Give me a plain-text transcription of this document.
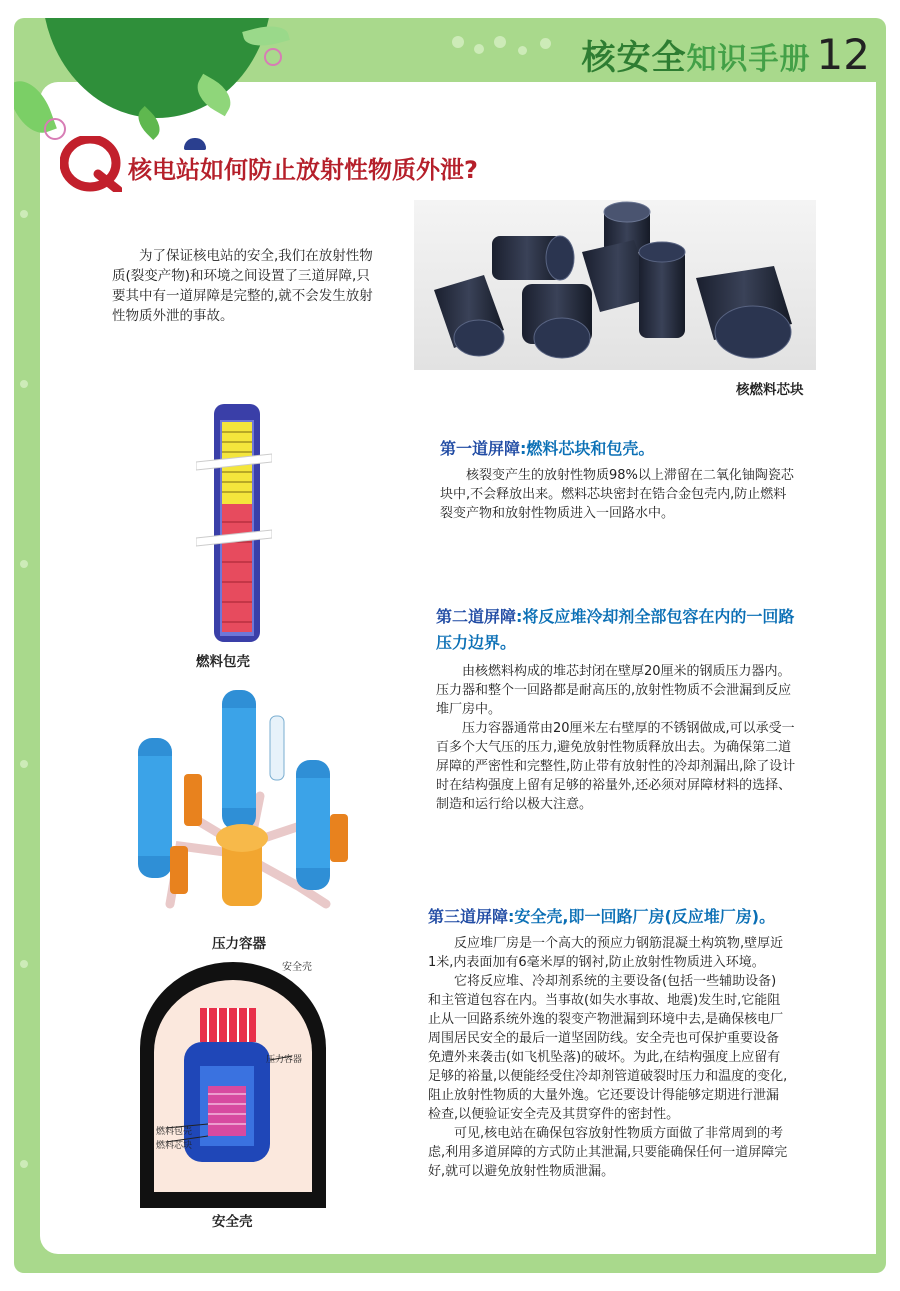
核安全知识手册 12
核电站如何防止放射性物质外泄?
为了保证核电站的安全,我们在放射性物质(裂变产物)和环境之间设置了三道屏障,只要其中有一道屏障是完整的,就不会发生放射性物质外泄的事故。
核燃料芯块
燃料包壳
压力容器
安全壳
压力容器
燃料包壳
燃料芯块
安全壳
第一道屏障:燃料芯块和包壳。

核裂变产生的放射性物质98%以上滞留在二氧化铀陶瓷芯块中,不会释放出来。燃料芯块密封在锆合金包壳内,防止燃料裂变产物和放射性物质进入一回路水中。

第二道屏障:将反应堆冷却剂全部包容在内的一回路压力边界。

由核燃料构成的堆芯封闭在壁厚20厘米的钢质压力器内。压力器和整个一回路都是耐高压的,放射性物质不会泄漏到反应堆厂房中。

压力容器通常由20厘米左右壁厚的不锈钢做成,可以承受一百多个大气压的压力,避免放射性物质释放出去。为确保第二道屏障的严密性和完整性,防止带有放射性的冷却剂漏出,除了设计时在结构强度上留有足够的裕量外,还必须对屏障材料的选择、制造和运行给以极大注意。

第三道屏障:安全壳,即一回路厂房(反应堆厂房)。

反应堆厂房是一个高大的预应力钢筋混凝土构筑物,壁厚近1米,内表面加有6毫米厚的钢衬,防止放射性物质进入环境。

它将反应堆、冷却剂系统的主要设备(包括一些辅助设备)和主管道包容在内。当事故(如失水事故、地震)发生时,它能阻止从一回路系统外逸的裂变产物泄漏到环境中去,是确保核电厂周围居民安全的最后一道坚固防线。安全壳也可保护重要设备免遭外来袭击(如飞机坠落)的破坏。为此,在结构强度上应留有足够的裕量,以便能经受住冷却剂管道破裂时压力和温度的变化,阻止放射性物质的大量外逸。它还要设计得能够定期进行泄漏检查,以便验证安全壳及其贯穿件的密封性。

可见,核电站在确保包容放射性物质方面做了非常周到的考虑,利用多道屏障的方式防止其泄漏,只要能确保任何一道屏障完好,就可以避免放射性物质泄漏。
